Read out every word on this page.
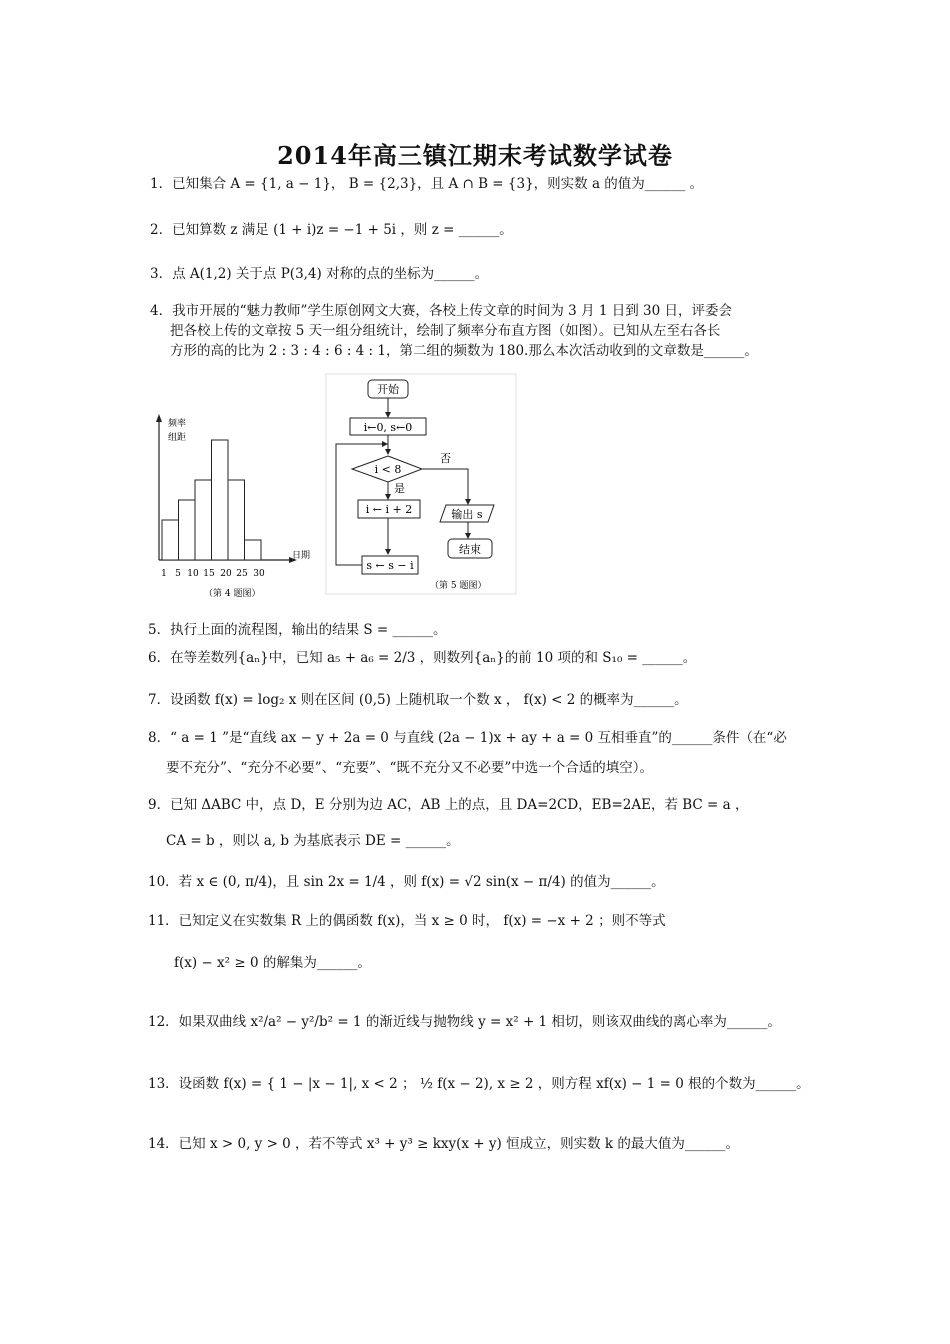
2014年高三镇江期末考试数学试卷
1．已知集合 A = {1, a − 1}， B = {2,3}，且 A ∩ B = {3}，则实数 a 的值为______ 。
2．已知算数 z 满足 (1 + i)z = −1 + 5i ，则 z = ______。
3．点 A(1,2) 关于点 P(3,4) 对称的点的坐标为______。
4．我市开展的“魅力教师”学生原创网文大赛，各校上传文章的时间为 3 月 1 日到 30 日，评委会
把各校上传的文章按 5 天一组分组统计，绘制了频率分布直方图（如图）。已知从左至右各长
方形的高的比为 2 : 3 : 4 : 6 : 4 : 1，第二组的频数为 180.那么本次活动收到的文章数是______。
频率
组距
1 5 10 15 20 25 30
日期
（第 4 题图）
开始
i←0, s←0
i < 8
否
是
i ← i + 2
s ← s − i
输出 s
结束
（第 5 题图）
5．执行上面的流程图，输出的结果 S = ______。
6．在等差数列{aₙ}中，已知 a₅ + a₆ = 2/3 ，则数列{aₙ}的前 10 项的和 S₁₀ = ______。
7．设函数 f(x) = log₂ x 则在区间 (0,5) 上随机取一个数 x ， f(x) < 2 的概率为______。
8．“ a = 1 ”是“直线 ax − y + 2a = 0 与直线 (2a − 1)x + ay + a = 0 互相垂直”的______条件（在“必
要不充分”、“充分不必要”、“充要”、“既不充分又不必要”中选一个合适的填空）。
9．已知 ΔABC 中，点 D，E 分别为边 AC，AB 上的点，且 DA=2CD，EB=2AE，若 BC = a ，
CA = b ，则以 a, b 为基底表示 DE = ______。
10．若 x ∈ (0, π/4)，且 sin 2x = 1/4 ，则 f(x) = √2 sin(x − π/4) 的值为______。
11．已知定义在实数集 R 上的偶函数 f(x)，当 x ≥ 0 时， f(x) = −x + 2 ；则不等式
f(x) − x² ≥ 0 的解集为______。
12．如果双曲线 x²/a² − y²/b² = 1 的渐近线与抛物线 y = x² + 1 相切，则该双曲线的离心率为______。
13．设函数 f(x) = { 1 − |x − 1|, x < 2 ； ½ f(x − 2), x ≥ 2 ，则方程 xf(x) − 1 = 0 根的个数为______。
14．已知 x > 0, y > 0 ，若不等式 x³ + y³ ≥ kxy(x + y) 恒成立，则实数 k 的最大值为______。
